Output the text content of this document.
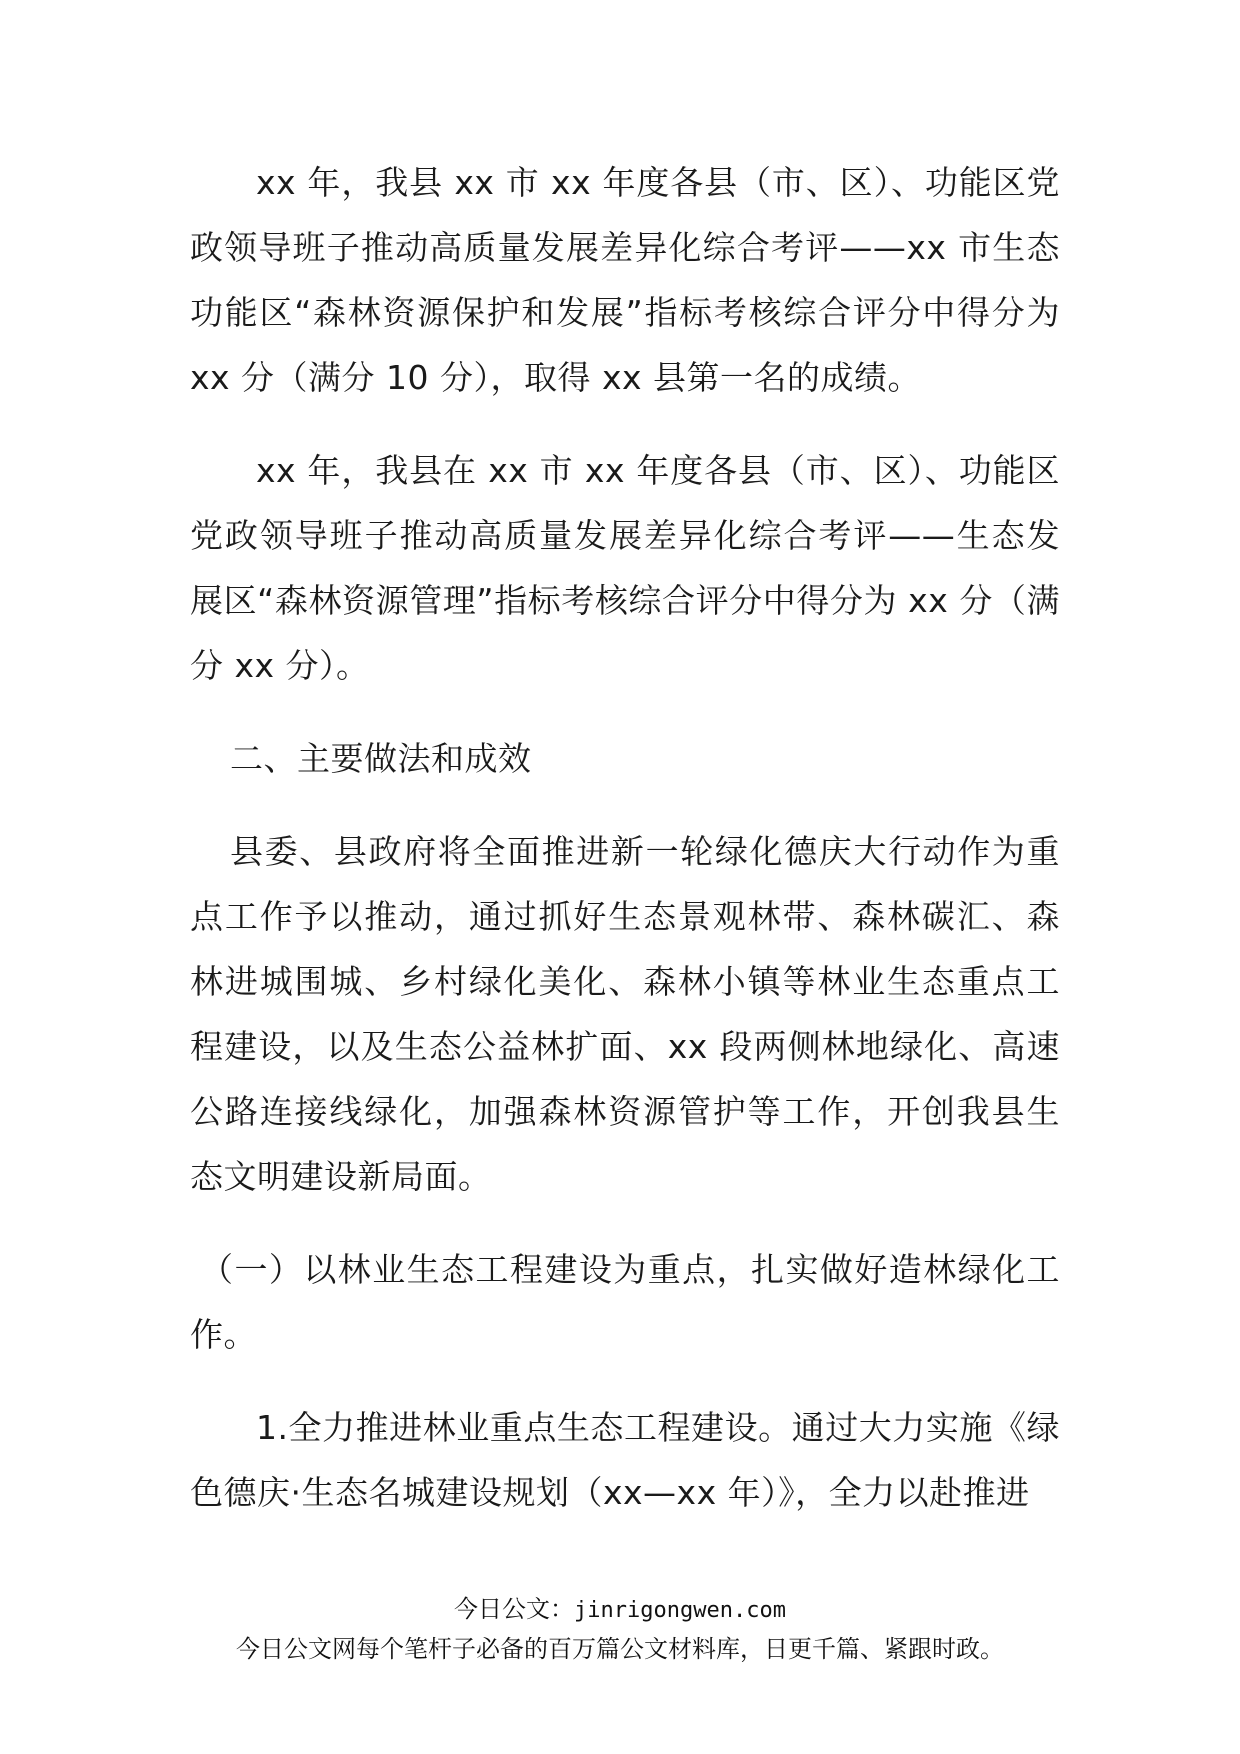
xx 年，我县 xx 市 xx 年度各县（市、区）、功能区党政领导班子推动高质量发展差异化综合考评——xx 市生态功能区“森林资源保护和发展”指标考核综合评分中得分为 xx 分（满分 10 分），取得 xx 县第一名的成绩。

xx 年，我县在 xx 市 xx 年度各县（市、区）、功能区党政领导班子推动高质量发展差异化综合考评——生态发展区“森林资源管理”指标考核综合评分中得分为 xx 分（满分 xx 分）。

二、主要做法和成效

县委、县政府将全面推进新一轮绿化德庆大行动作为重点工作予以推动，通过抓好生态景观林带、森林碳汇、森林进城围城、乡村绿化美化、森林小镇等林业生态重点工程建设，以及生态公益林扩面、xx 段两侧林地绿化、高速公路连接线绿化，加强森林资源管护等工作，开创我县生态文明建设新局面。

（一）以林业生态工程建设为重点，扎实做好造林绿化工作。

1.全力推进林业重点生态工程建设。通过大力实施《绿色德庆·生态名城建设规划（xx—xx 年）》，全力以赴推进

今日公文：jinrigongwen.com
今日公文网每个笔杆子必备的百万篇公文材料库，日更千篇、紧跟时政。
